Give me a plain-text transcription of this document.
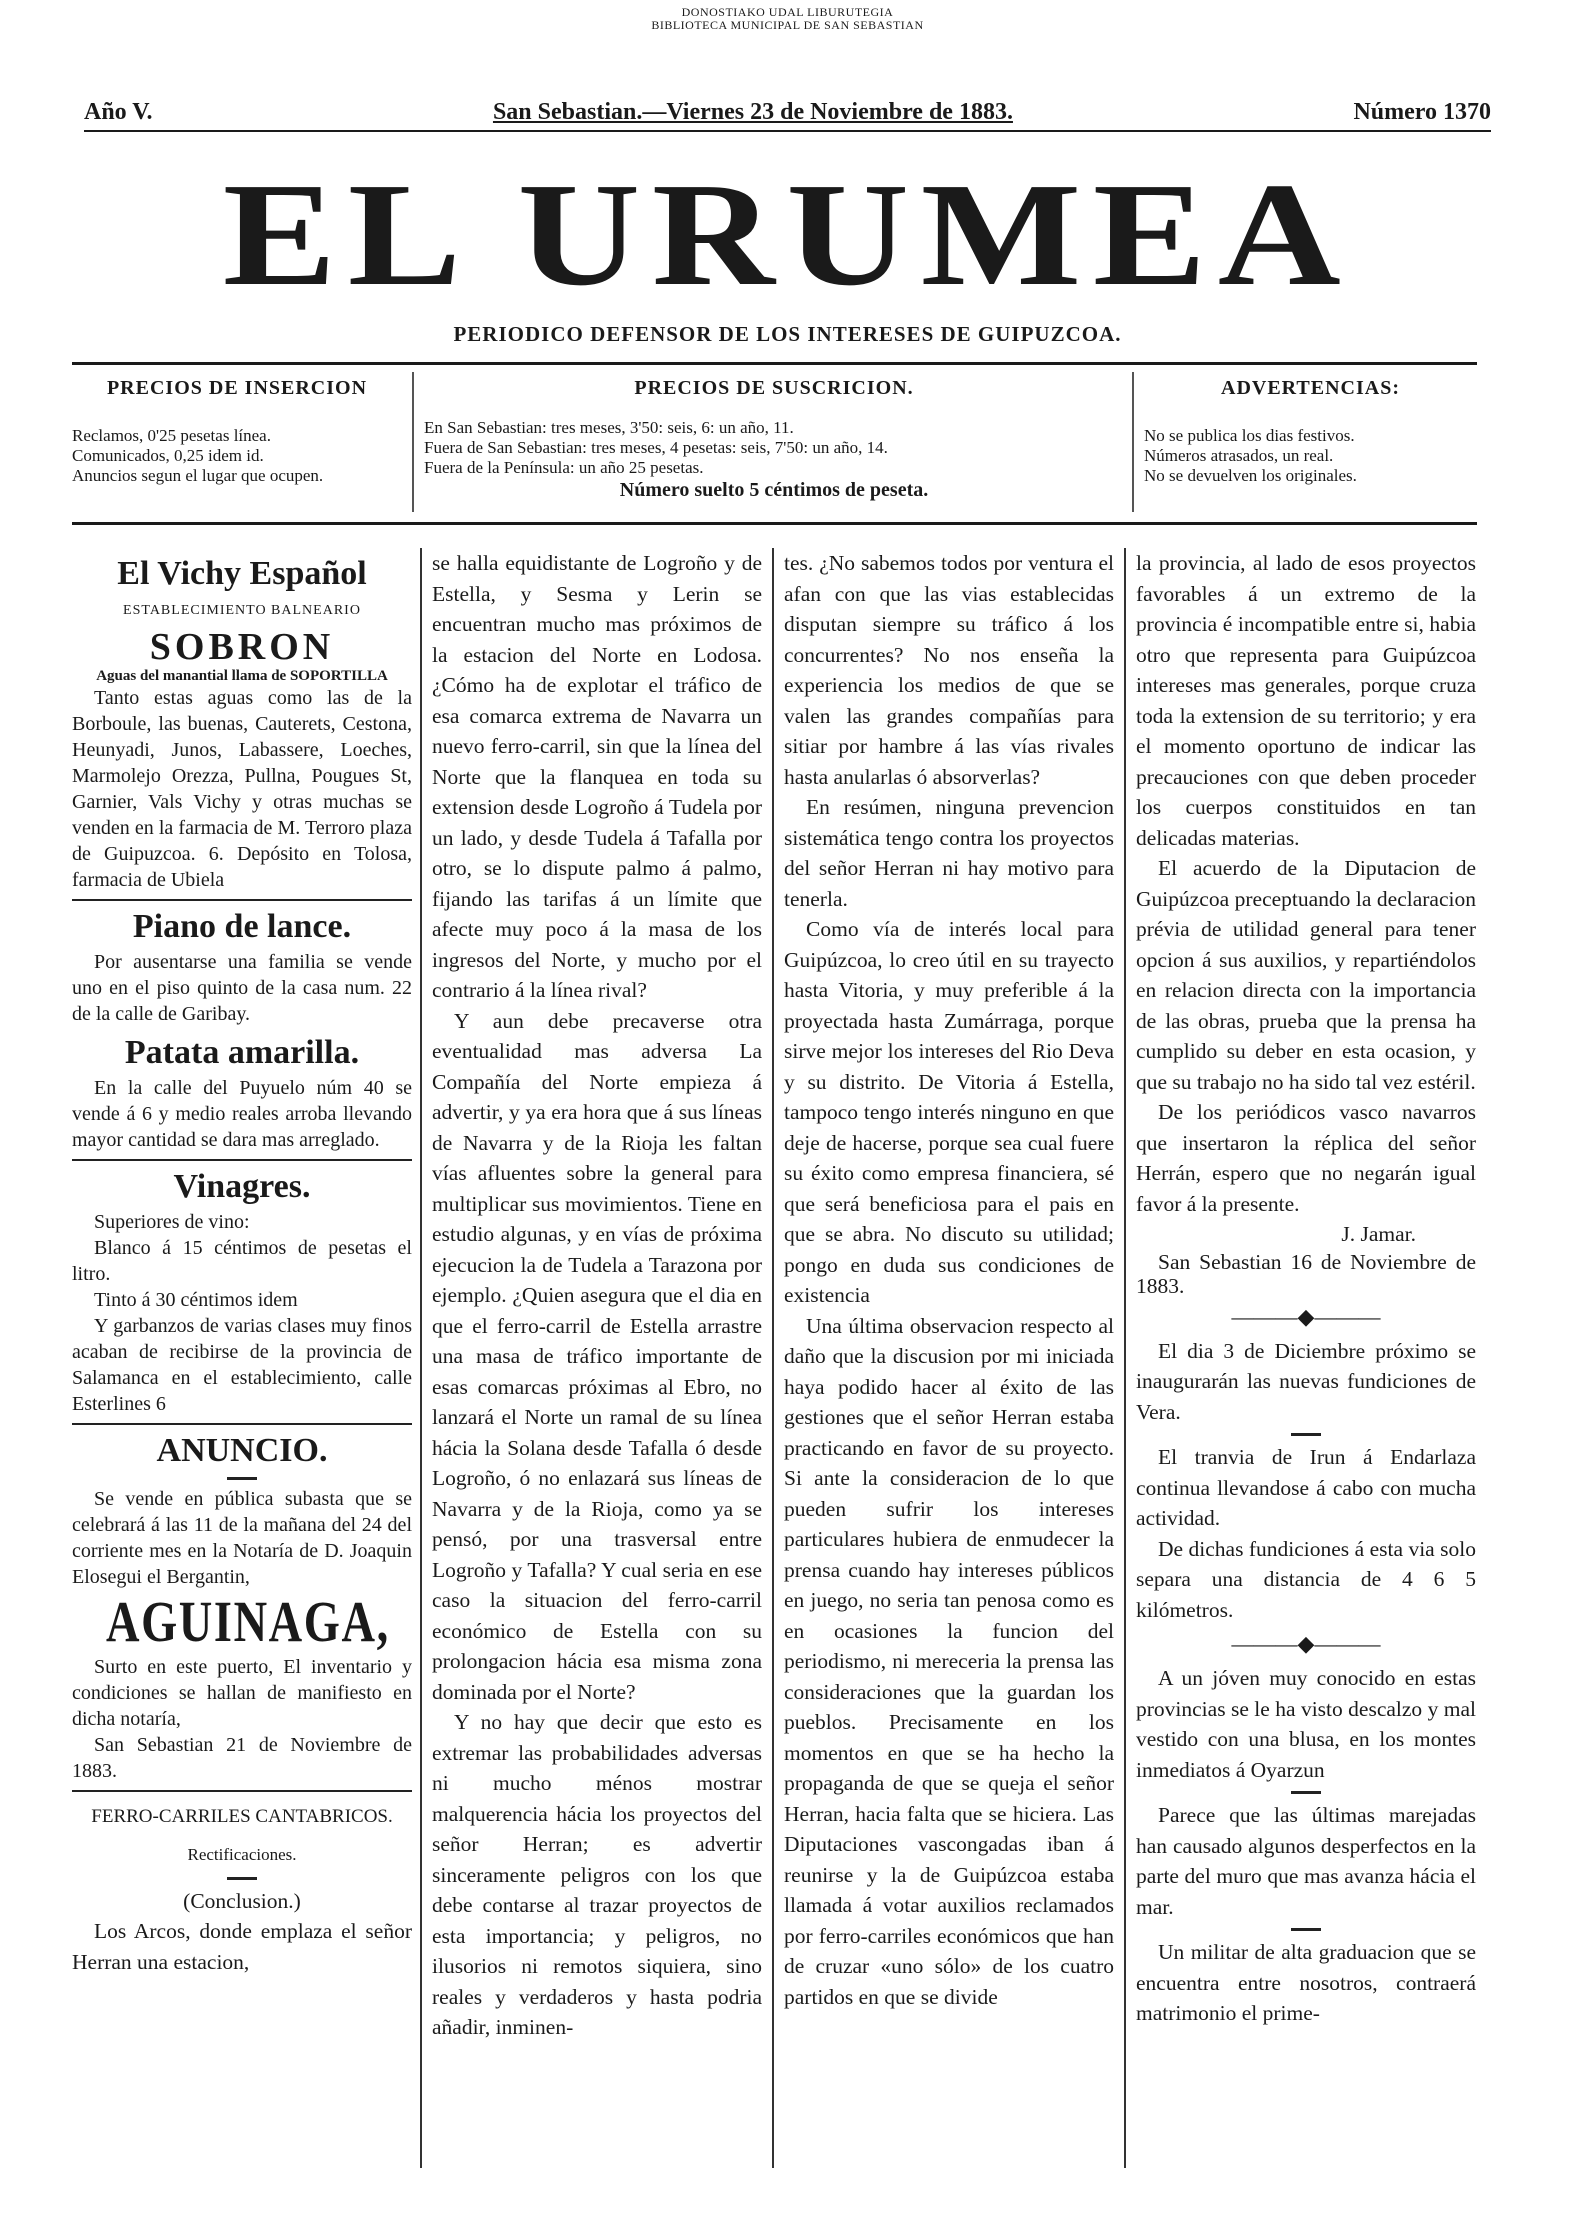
DONOSTIAKO UDAL LIBURUTEGIA
BIBLIOTECA MUNICIPAL DE SAN SEBASTIAN
Año V.	San Sebastian.—Viernes 23 de Noviembre de 1883.	Número 1370
EL URUMEA
PERIODICO DEFENSOR DE LOS INTERESES DE GUIPUZCOA.
PRECIOS DE INSERCION
Reclamos, 0'25 pesetas línea.
Comunicados, 0,25 idem id.
Anuncios segun el lugar que ocupen.
PRECIOS DE SUSCRICION.
En San Sebastian: tres meses, 3'50: seis, 6: un año, 11.
Fuera de San Sebastian: tres meses, 4 pesetas: seis, 7'50: un año, 14.
Fuera de la Península: un año 25 pesetas.
Número suelto 5 céntimos de peseta.
ADVERTENCIAS:
No se publica los dias festivos.
Números atrasados, un real.
No se devuelven los originales.
El Vichy Español
ESTABLECIMIENTO BALNEARIO
SOBRON
Aguas del manantial llama de SOPORTILLA

Tanto estas aguas como las de la Borboule, las buenas, Cauterets, Cestona, Heunyadi, Junos, Labassere, Loeches, Marmolejo Orezza, Pullna, Pougues St, Garnier, Vals Vichy y otras muchas se venden en la farmacia de M. Terroro plaza de Guipuzcoa. 6. Depósito en Tolosa, farmacia de Ubiela

Piano de lance.

Por ausentarse una familia se vende uno en el piso quinto de la casa num. 22 de la calle de Garibay.

Patata amarilla.

En la calle del Puyuelo núm 40 se vende á 6 y medio reales arroba llevando mayor cantidad se dara mas arreglado.

Vinagres.

Superiores de vino:

Blanco á 15 céntimos de pesetas el litro.

Tinto á 30 céntimos idem

Y garbanzos de varias clases muy finos acaban de recibirse de la provincia de Salamanca en el establecimiento, calle Esterlines 6

ANUNCIO.

Se vende en pública subasta que se celebrará á las 11 de la mañana del 24 del corriente mes en la Notaría de D. Joaquin Elosegui el Bergantin,

AGUINAGA,

Surto en este puerto, El inventario y condiciones se hallan de manifiesto en dicha notaría,

San Sebastian 21 de Noviembre de 1883.

FERRO-CARRILES CANTABRICOS.
Rectificaciones.
(Conclusion.)

Los Arcos, donde emplaza el señor Herran una estacion,

se halla equidistante de Logroño y de Estella, y Sesma y Lerin se encuentran mucho mas próximos de la estacion del Norte en Lodosa. ¿Cómo ha de explotar el tráfico de esa comarca extrema de Navarra un nuevo ferro-carril, sin que la línea del Norte que la flanquea en toda su extension desde Logroño á Tudela por un lado, y desde Tudela á Tafalla por otro, se lo dispute palmo á palmo, fijando las tarifas á un límite que afecte muy poco á la masa de los ingresos del Norte, y mucho por el contrario á la línea rival?

Y aun debe precaverse otra eventualidad mas adversa La Compañía del Norte empieza á advertir, y ya era hora que á sus líneas de Navarra y de la Rioja les faltan vías afluentes sobre la general para multiplicar sus movimientos. Tiene en estudio algunas, y en vías de próxima ejecucion la de Tudela a Tarazona por ejemplo. ¿Quien asegura que el dia en que el ferro-carril de Estella arrastre una masa de tráfico importante de esas comarcas próximas al Ebro, no lanzará el Norte un ramal de su línea hácia la Solana desde Tafalla ó desde Logroño, ó no enlazará sus líneas de Navarra y de la Rioja, como ya se pensó, por una trasversal entre Logroño y Tafalla? Y cual seria en ese caso la situacion del ferro-carril económico de Estella con su prolongacion hácia esa misma zona dominada por el Norte?

Y no hay que decir que esto es extremar las probabilidades adversas ni mucho ménos mostrar malquerencia hácia los proyectos del señor Herran; es advertir sinceramente peligros con los que debe contarse al trazar proyectos de esta importancia; y peligros, no ilusorios ni remotos siquiera, sino reales y verdaderos y hasta podria añadir, inminen-

tes. ¿No sabemos todos por ventura el afan con que las vias establecidas disputan siempre su tráfico á los concurrentes? No nos enseña la experiencia los medios de que se valen las grandes compañías para sitiar por hambre á las vías rivales hasta anularlas ó absorverlas?

En resúmen, ninguna prevencion sistemática tengo contra los proyectos del señor Herran ni hay motivo para tenerla.

Como vía de interés local para Guipúzcoa, lo creo útil en su trayecto hasta Vitoria, y muy preferible á la proyectada hasta Zumárraga, porque sirve mejor los intereses del Rio Deva y su distrito. De Vitoria á Estella, tampoco tengo interés ninguno en que deje de hacerse, porque sea cual fuere su éxito como empresa financiera, sé que será beneficiosa para el pais en que se abra. No discuto su utilidad; pongo en duda sus condiciones de existencia

Una última observacion respecto al daño que la discusion por mi iniciada haya podido hacer al éxito de las gestiones que el señor Herran estaba practicando en favor de su proyecto. Si ante la consideracion de lo que pueden sufrir los intereses particulares hubiera de enmudecer la prensa cuando hay intereses públicos en juego, no seria tan penosa como es en ocasiones la funcion del periodismo, ni mereceria la prensa las consideraciones que la guardan los pueblos. Precisamente en los momentos en que se ha hecho la propaganda de que se queja el señor Herran, hacia falta que se hiciera. Las Diputaciones vascongadas iban á reunirse y la de Guipúzcoa estaba llamada á votar auxilios reclamados por ferro-carriles económicos que han de cruzar «uno sólo» de los cuatro partidos en que se divide

la provincia, al lado de esos proyectos favorables á un extremo de la provincia é incompatible entre si, habia otro que representa para Guipúzcoa intereses mas generales, porque cruza toda la extension de su territorio; y era el momento oportuno de indicar las precauciones con que deben proceder los cuerpos constituidos en tan delicadas materias.

El acuerdo de la Diputacion de Guipúzcoa preceptuando la declaracion prévia de utilidad general para tener opcion á sus auxilios, y repartiéndolos en relacion directa con la importancia de las obras, prueba que la prensa ha cumplido su deber en esta ocasion, y que su trabajo no ha sido tal vez estéril.

De los periódicos vasco navarros que insertaron la réplica del señor Herrán, espero que no negarán igual favor á la presente.

J. Jamar.

San Sebastian 16 de Noviembre de 1883.

———◆———

El dia 3 de Diciembre próximo se inaugurarán las nuevas fundiciones de Vera.

El tranvia de Irun á Endarlaza continua llevandose á cabo con mucha actividad.

De dichas fundiciones á esta via solo separa una distancia de 4 6 5 kilómetros.

———◆———

A un jóven muy conocido en estas provincias se le ha visto descalzo y mal vestido con una blusa, en los montes inmediatos á Oyarzun

Parece que las últimas marejadas han causado algunos desperfectos en la parte del muro que mas avanza hácia el mar.

Un militar de alta graduacion que se encuentra entre nosotros, contraerá matrimonio el prime-
